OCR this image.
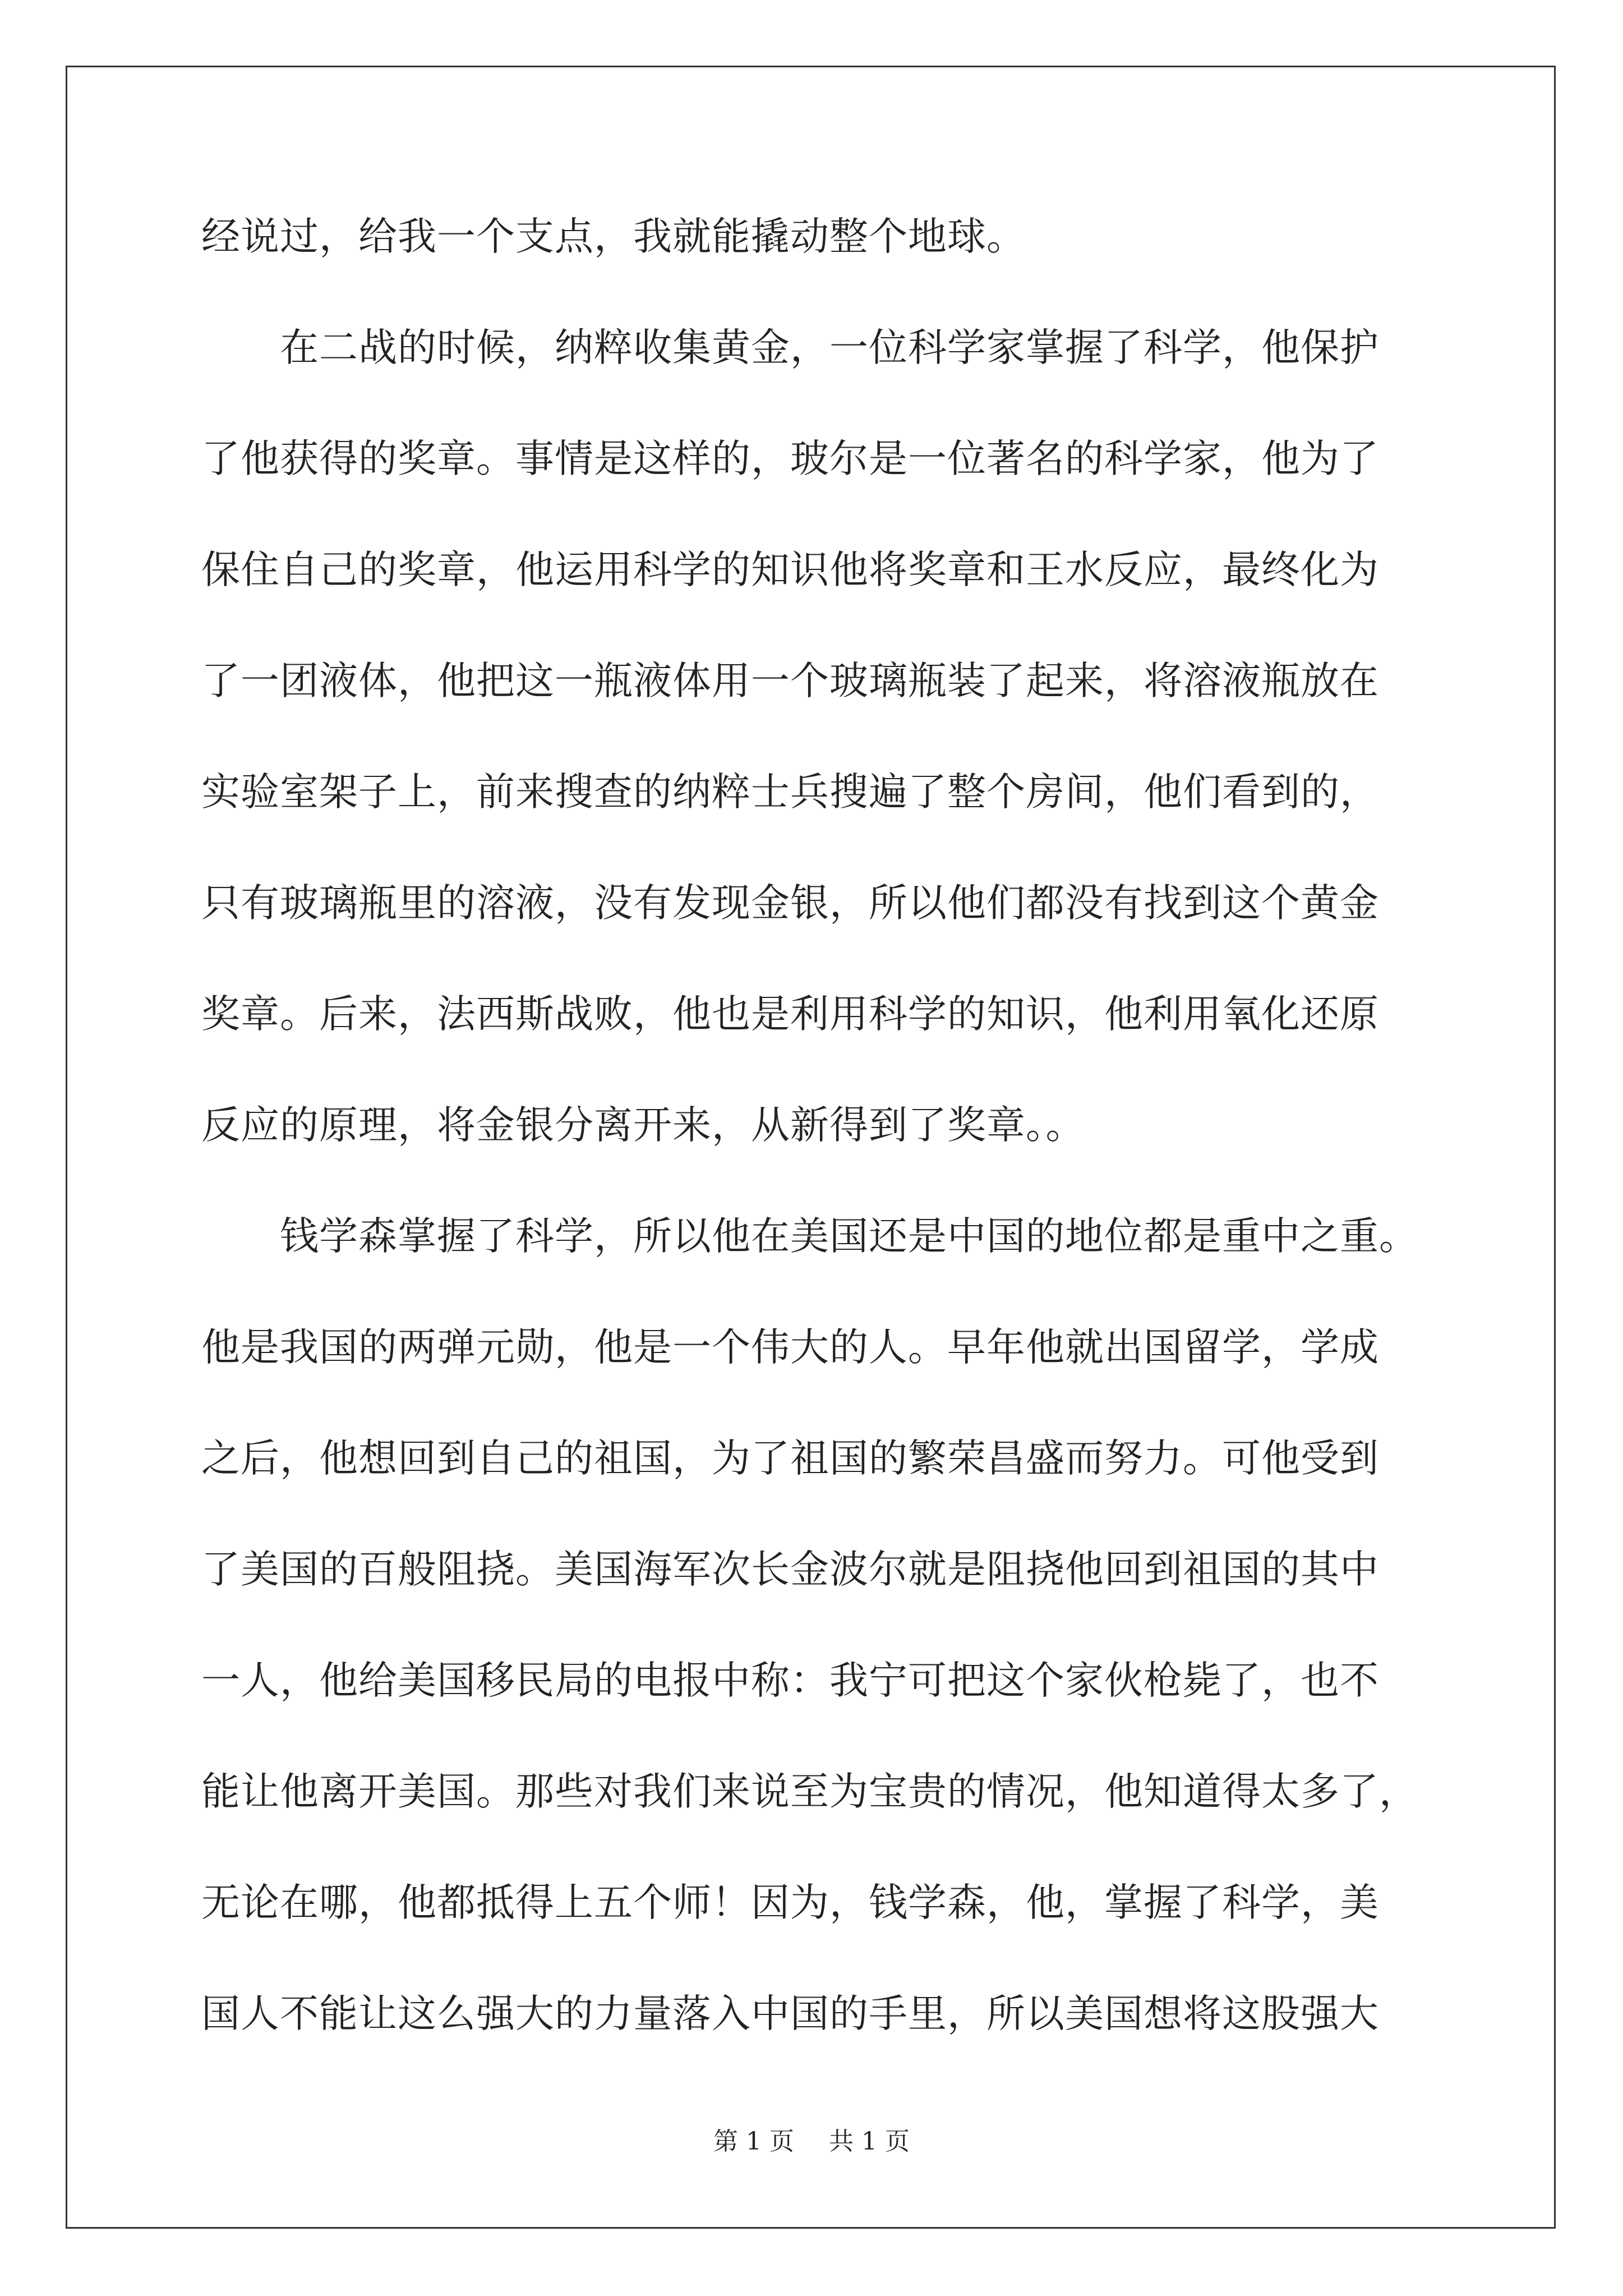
经说过，给我一个支点，我就能撬动整个地球。
在二战的时候，纳粹收集黄金，一位科学家掌握了科学，他保护
了他获得的奖章。事情是这样的，玻尔是一位著名的科学家，他为了
保住自己的奖章，他运用科学的知识他将奖章和王水反应，最终化为
了一团液体，他把这一瓶液体用一个玻璃瓶装了起来，将溶液瓶放在
实验室架子上，前来搜查的纳粹士兵搜遍了整个房间，他们看到的，
只有玻璃瓶里的溶液，没有发现金银，所以他们都没有找到这个黄金
奖章。后来，法西斯战败，他也是利用科学的知识，他利用氧化还原
反应的原理，将金银分离开来，从新得到了奖章。。
钱学森掌握了科学，所以他在美国还是中国的地位都是重中之重。
他是我国的两弹元勋，他是一个伟大的人。早年他就出国留学，学成
之后，他想回到自己的祖国，为了祖国的繁荣昌盛而努力。可他受到
了美国的百般阻挠。美国海军次长金波尔就是阻挠他回到祖国的其中
一人，他给美国移民局的电报中称：我宁可把这个家伙枪毙了，也不
能让他离开美国。那些对我们来说至为宝贵的情况，他知道得太多了，
无论在哪，他都抵得上五个师！因为，钱学森，他，掌握了科学，美
国人不能让这么强大的力量落入中国的手里，所以美国想将这股强大
第 1 页 共 1 页
